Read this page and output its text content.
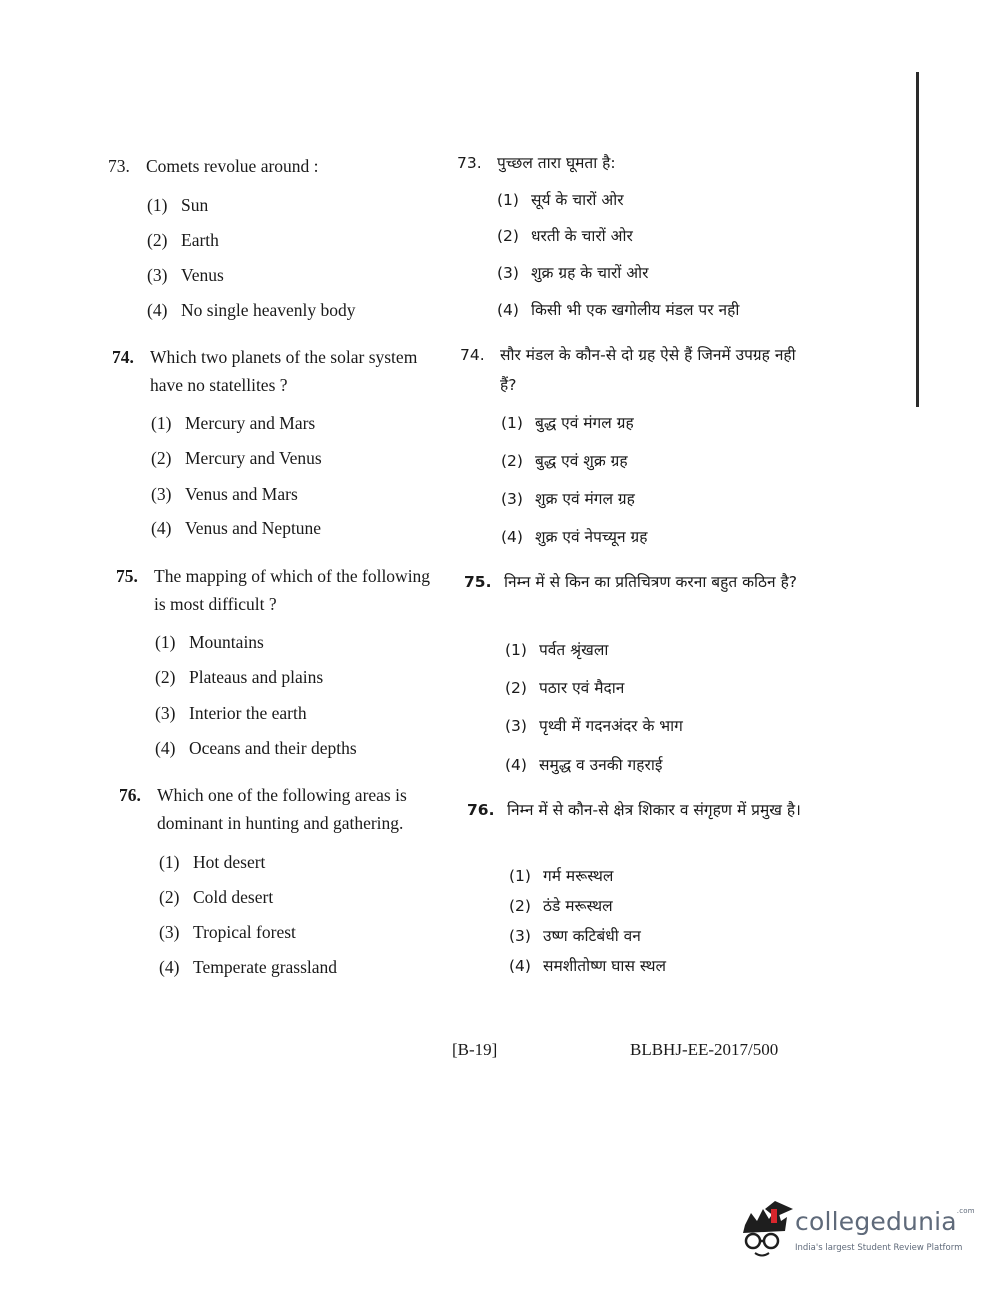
73. Comets revolue around :
(1) Sun
(2) Earth
(3) Venus
(4) No single heavenly body
73. पुच्छल तारा घूमता है:
(1) सूर्य के चारों ओर
(2) धरती के चारों ओर
(3) शुक्र ग्रह के चारों ओर
(4) किसी भी एक खगोलीय मंडल पर नही
74. Which two planets of the solar system have no statellites ?
(1) Mercury and Mars
(2) Mercury and Venus
(3) Venus and Mars
(4) Venus and Neptune
74. सौर मंडल के कौन-से दो ग्रह ऐसे हैं जिनमें उपग्रह नही हैं?
(1) बुद्ध एवं मंगल ग्रह
(2) बुद्ध एवं शुक्र ग्रह
(3) शुक्र एवं मंगल ग्रह
(4) शुक्र एवं नेपच्यून ग्रह
75. The mapping of which of the following is most difficult ?
(1) Mountains
(2) Plateaus and plains
(3) Interior the earth
(4) Oceans and their depths
75. निम्न में से किन का प्रतिचित्रण करना बहुत कठिन है?
(1) पर्वत श्रृंखला
(2) पठार एवं मैदान
(3) पृथ्वी में गदनअंदर के भाग
(4) समुद्ध व उनकी गहराई
76. Which one of the following areas is dominant in hunting and gathering.
(1) Hot desert
(2) Cold desert
(3) Tropical forest
(4) Temperate grassland
76. निम्न में से कौन-से क्षेत्र शिकार व संगृहण में प्रमुख है।
(1) गर्म मरूस्थल
(2) ठंडे मरूस्थल
(3) उष्ण कटिबंधी वन
(4) समशीतोष्ण घास स्थल
[B-19]	BLBHJ-EE-2017/500
collegedunia$^{.com}$
India's largest Student Review Platform
